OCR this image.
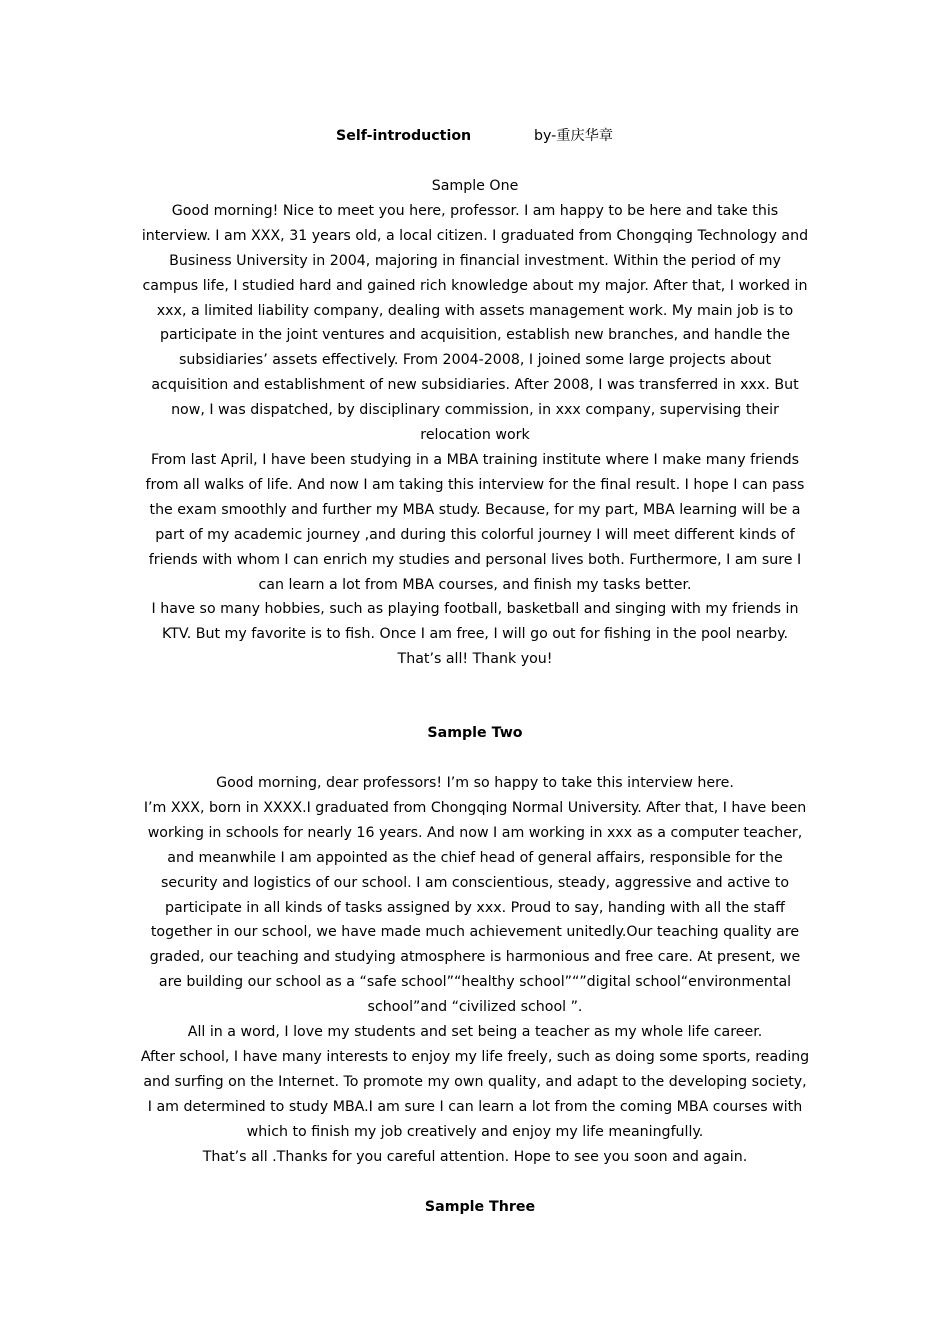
Self-introduction	by-重庆华章

Sample One

Good morning! Nice to meet you here, professor. I am happy to be here and take this interview. I am XXX, 31 years old, a local citizen. I graduated from Chongqing Technology and Business University in 2004, majoring in financial investment. Within the period of my campus life, I studied hard and gained rich knowledge about my major. After that, I worked in xxx, a limited liability company, dealing with assets management work. My main job is to participate in the joint ventures and acquisition, establish new branches, and handle the subsidiaries’ assets effectively. From 2004-2008, I joined some large projects about acquisition and establishment of new subsidiaries. After 2008, I was transferred in xxx. But now, I was dispatched, by disciplinary commission, in xxx company, supervising their relocation work

From last April, I have been studying in a MBA training institute where I make many friends from all walks of life. And now I am taking this interview for the final result. I hope I can pass the exam smoothly and further my MBA study. Because, for my part, MBA learning will be a part of my academic journey ,and during this colorful journey I will meet different kinds of friends with whom I can enrich my studies and personal lives both. Furthermore, I am sure I can learn a lot from MBA courses, and finish my tasks better.

I have so many hobbies, such as playing football, basketball and singing with my friends in KTV. But my favorite is to fish. Once I am free, I will go out for fishing in the pool nearby. That’s all! Thank you!

Sample Two

Good morning, dear professors! I’m so happy to take this interview here.

I’m XXX, born in XXXX.I graduated from Chongqing Normal University. After that, I have been working in schools for nearly 16 years. And now I am working in xxx as a computer teacher, and meanwhile I am appointed as the chief head of general affairs, responsible for the security and logistics of our school. I am conscientious, steady, aggressive and active to participate in all kinds of tasks assigned by xxx. Proud to say, handing with all the staff together in our school, we have made much achievement unitedly.Our teaching quality are graded, our teaching and studying atmosphere is harmonious and free care. At present, we are building our school as a “safe school”“healthy school”“”digital school“environmental school”and “civilized school ”.

All in a word, I love my students and set being a teacher as my whole life career.

After school, I have many interests to enjoy my life freely, such as doing some sports, reading and surfing on the Internet. To promote my own quality, and adapt to the developing society, I am determined to study MBA.I am sure I can learn a lot from the coming MBA courses with which to finish my job creatively and enjoy my life meaningfully.

That’s all .Thanks for you careful attention. Hope to see you soon and again.

Sample Three
